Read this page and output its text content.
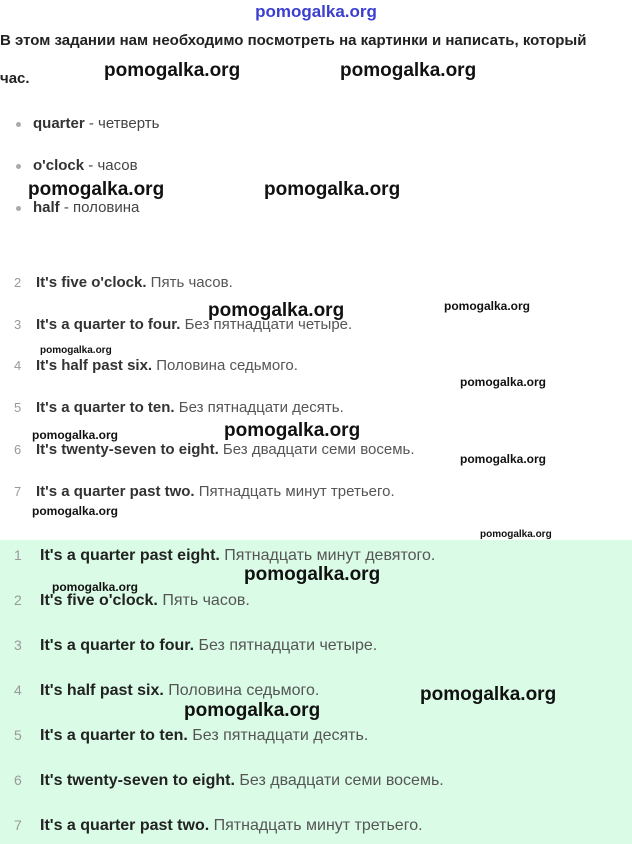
pomogalka.org
В этом задании нам необходимо посмотреть на картинки и написать, который час.
quarter - четверть
o'clock - часов
half - половина
2 It's five o'clock. Пять часов.
3 It's a quarter to four. Без пятнадцати четыре.
4 It's half past six. Половина седьмого.
5 It's a quarter to ten. Без пятнадцати десять.
6 It's twenty-seven to eight. Без двадцати семи восемь.
7 It's a quarter past two. Пятнадцать минут третьего.
1 It's a quarter past eight. Пятнадцать минут девятого.
2 It's five o'clock. Пять часов.
3 It's a quarter to four. Без пятнадцати четыре.
4 It's half past six. Половина седьмого.
5 It's a quarter to ten. Без пятнадцати десять.
6 It's twenty-seven to eight. Без двадцати семи восемь.
7 It's a quarter past two. Пятнадцать минут третьего.
pomogalka.org	pomogalka.org
pomogalka.org	pomogalka.org
pomogalka.org	pomogalka.org
pomogalka.org
pomogalka.org
pomogalka.org
pomogalka.org
pomogalka.org
pomogalka.org
pomogalka.org
pomogalka.org
pomogalka.org
pomogalka.org
pomogalka.org
